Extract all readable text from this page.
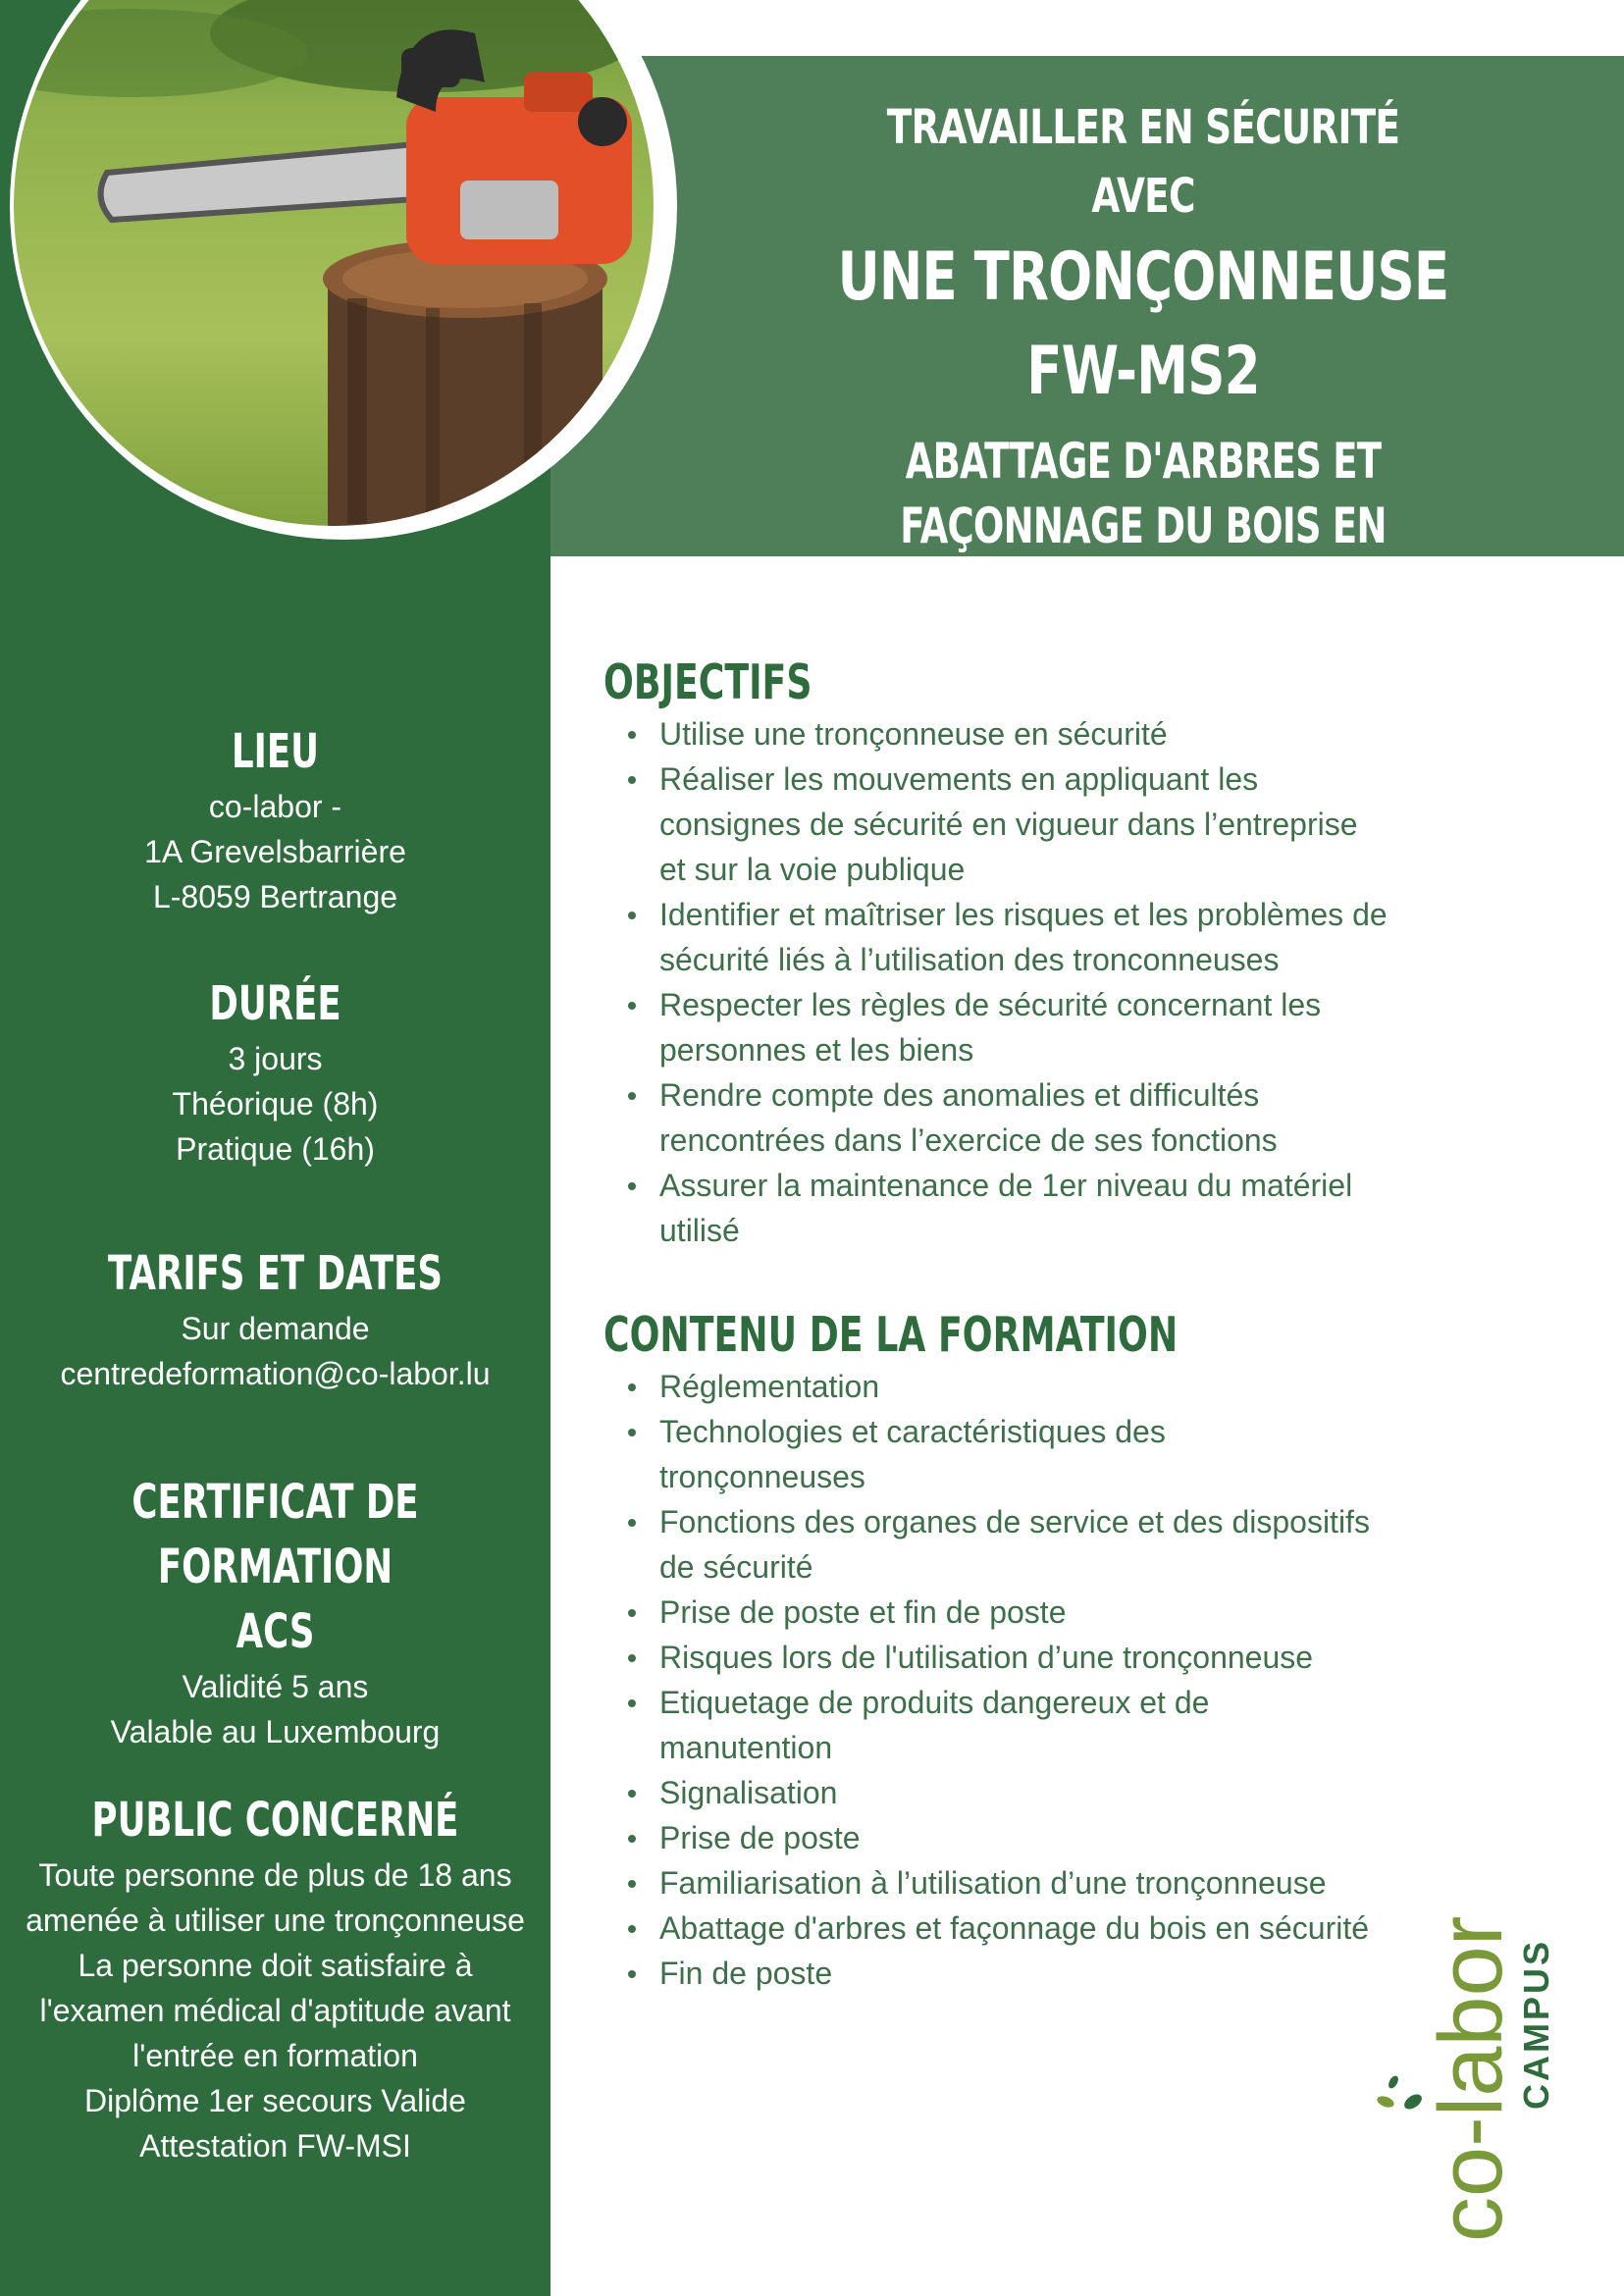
TRAVAILLER EN SÉCURITÉ
AVEC
UNE TRONÇONNEUSE
FW-MS2
ABATTAGE D'ARBRES ET FAÇONNAGE DU BOIS EN
SÉCURITÉ
LIEU
co-labor -
1A Grevelsbarrière
L-8059 Bertrange
DURÉE
3 jours
Théorique (8h)
Pratique (16h)
TARIFS ET DATES
Sur demande
centredeformation@co-labor.lu
CERTIFICAT DE FORMATION
ACS
Validité 5 ans
Valable au Luxembourg
PUBLIC CONCERNÉ
Toute personne de plus de 18 ans
amenée à utiliser une tronçonneuse
La personne doit satisfaire à
l'examen médical d'aptitude avant
l'entrée en formation
Diplôme 1er secours Valide
Attestation FW-MSI
OBJECTIFS
Utilise une tronçonneuse en sécurité
Réaliser les mouvements en appliquant les consignes de sécurité en vigueur dans l’entreprise et sur la voie publique
Identifier et maîtriser les risques et les problèmes de sécurité liés à l’utilisation des tronconneuses
Respecter les règles de sécurité concernant les personnes et les biens
Rendre compte des anomalies et difficultés rencontrées dans l’exercice de ses fonctions
Assurer la maintenance de 1er niveau du matériel utilisé
CONTENU DE LA FORMATION
Réglementation
Technologies et caractéristiques des tronçonneuses
Fonctions des organes de service et des dispositifs de sécurité
Prise de poste et fin de poste
Risques lors de l'utilisation d’une tronçonneuse
Etiquetage de produits dangereux et de manutention
Signalisation
Prise de poste
Familiarisation à l’utilisation d’une tronçonneuse
Abattage d'arbres et façonnage du bois en sécurité
Fin de poste	co-labor
CAMPUS
